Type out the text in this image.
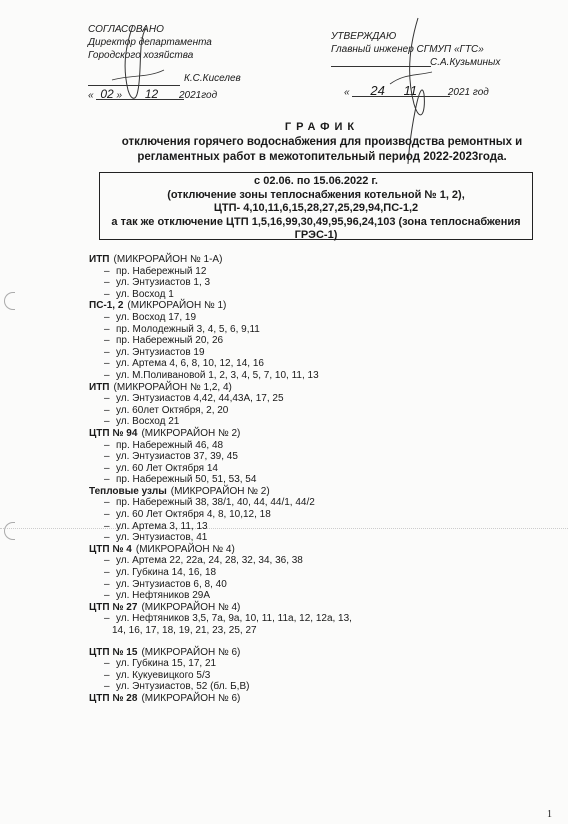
СОГЛАСОВАНО
Директор департамента
Городского хозяйства
К.С.Киселев
« 02 » 12 2021год
УТВЕРЖДАЮ
Главный инженер СГМУП «ГТС»
С.А.Кузьминых
« 24 11	2021 год
ГРАФИК
отключения горячего водоснабжения для производства ремонтных и
регламентных работ в межотопительный период 2022-2023года.
с 02.06. по 15.06.2022 г.
(отключение зоны теплоснабжения котельной № 1, 2),
ЦТП- 4,10,11,6,15,28,27,25,29,94,ПС-1,2
а так же отключение ЦТП 1,5,16,99,30,49,95,96,24,103 (зона теплоснабжения
ГРЭС-1)
ИТП (МИКРОРАЙОН № 1-А)
– пр. Набережный 12
– ул. Энтузиастов 1, 3
– ул. Восход 1
ПС-1, 2 (МИКРОРАЙОН № 1)
– ул. Восход 17, 19
– пр. Молодежный 3, 4, 5, 6, 9,11
– пр. Набережный 20, 26
– ул. Энтузиастов 19
– ул. Артема 4, 6, 8, 10, 12, 14, 16
– ул. М.Поливановой 1, 2, 3, 4, 5, 7, 10, 11, 13
ИТП (МИКРОРАЙОН № 1,2, 4)
– ул. Энтузиастов 4,42, 44,43А, 17, 25
– ул. 60лет Октября, 2, 20
– ул. Восход 21
ЦТП № 94 (МИКРОРАЙОН № 2)
– пр. Набережный 46, 48
– ул. Энтузиастов 37, 39, 45
– ул. 60 Лет Октября 14
– пр. Набережный 50, 51, 53, 54
Тепловые узлы (МИКРОРАЙОН № 2)
– пр. Набережный 38, 38/1, 40, 44, 44/1, 44/2
– ул. 60 Лет Октября 4, 8, 10,12, 18
– ул. Артема 3, 11, 13
– ул. Энтузиастов, 41
ЦТП № 4 (МИКРОРАЙОН № 4)
– ул. Артема 22, 22а, 24, 28, 32, 34, 36, 38
– ул. Губкина 14, 16, 18
– ул. Энтузиастов 6, 8, 40
– ул. Нефтяников 29А
ЦТП № 27 (МИКРОРАЙОН № 4)
– ул. Нефтяников 3,5, 7а, 9а, 10, 11, 11а, 12, 12а, 13,
14, 16, 17, 18, 19, 21, 23, 25, 27
ЦТП № 15 (МИКРОРАЙОН № 6)
– ул. Губкина 15, 17, 21
– ул. Кукуевицкого 5/3
– ул. Энтузиастов, 52 (бл. Б,В)
ЦТП № 28 (МИКРОРАЙОН № 6)
1
